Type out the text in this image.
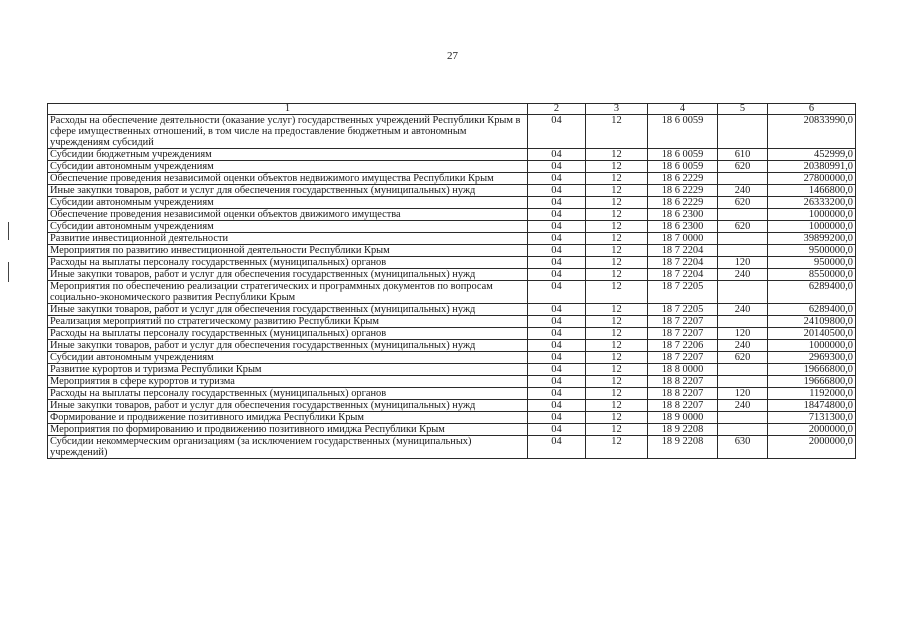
27
1	2	3	4	5	6
Расходы на обеспечение деятельности (оказание услуг) государственных учреждений Республики Крым в сфере имущественных отношений, в том числе на предоставление бюджетным и автономным учреждениям субсидий	04	12	18 6 0059		20833990,0
Субсидии бюджетным учреждениям	04	12	18 6 0059	610	452999,0
Субсидии автономным учреждениям	04	12	18 6 0059	620	20380991,0
Обеспечение проведения независимой оценки объектов недвижимого имущества Республики Крым	04	12	18 6 2229		27800000,0
Иные закупки товаров, работ и услуг для обеспечения государственных (муниципальных) нужд	04	12	18 6 2229	240	1466800,0
Субсидии автономным учреждениям	04	12	18 6 2229	620	26333200,0
Обеспечение проведения независимой оценки объектов движимого имущества	04	12	18 6 2300		1000000,0
Субсидии автономным учреждениям	04	12	18 6 2300	620	1000000,0
Развитие инвестиционной деятельности	04	12	18 7 0000		39899200,0
Мероприятия по развитию инвестиционной деятельности Республики Крым	04	12	18 7 2204		9500000,0
Расходы на выплаты персоналу государственных (муниципальных) органов	04	12	18 7 2204	120	950000,0
Иные закупки товаров, работ и услуг для обеспечения государственных (муниципальных) нужд	04	12	18 7 2204	240	8550000,0
Мероприятия по обеспечению реализации стратегических и программных документов по вопросам социально-экономического развития Республики Крым	04	12	18 7 2205		6289400,0
Иные закупки товаров, работ и услуг для обеспечения государственных (муниципальных) нужд	04	12	18 7 2205	240	6289400,0
Реализация мероприятий по стратегическому развитию Республики Крым	04	12	18 7 2207		24109800,0
Расходы на выплаты персоналу государственных (муниципальных) органов	04	12	18 7 2207	120	20140500,0
Иные закупки товаров, работ и услуг для обеспечения государственных (муниципальных) нужд	04	12	18 7 2206	240	1000000,0
Субсидии автономным учреждениям	04	12	18 7 2207	620	2969300,0
Развитие курортов и туризма Республики Крым	04	12	18 8 0000		19666800,0
Мероприятия в сфере курортов и туризма	04	12	18 8 2207		19666800,0
Расходы на выплаты персоналу государственных (муниципальных) органов	04	12	18 8 2207	120	1192000,0
Иные закупки товаров, работ и услуг для обеспечения государственных (муниципальных) нужд	04	12	18 8 2207	240	18474800,0
Формирование и продвижение позитивного имиджа Республики Крым	04	12	18 9 0000		7131300,0
Мероприятия по формированию и продвижению позитивного имиджа Республики Крым	04	12	18 9 2208		2000000,0
Субсидии некоммерческим организациям (за исключением государственных (муниципальных) учреждений)	04	12	18 9 2208	630	2000000,0
